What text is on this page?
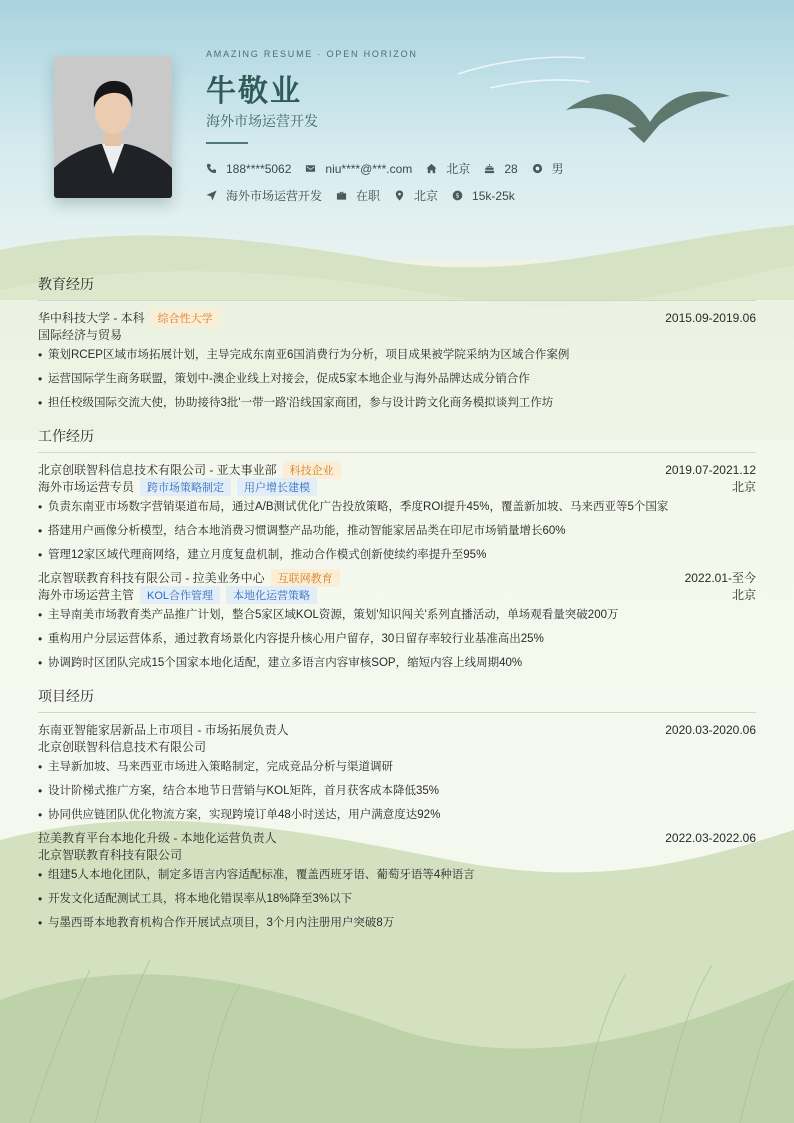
AMAZING RESUME · OPEN HORIZON
牛敬业
海外市场运营开发
188****5062	niu****@***.com	北京	28	男
海外市场运营开发	在职	北京 $ 15k-25k
教育经历
华中科技大学 - 本科 综合性大学	2015.09-2019.06
国际经济与贸易
• 策划RCEP区域市场拓展计划，主导完成东南亚6国消费行为分析，项目成果被学院采纳为区域合作案例
• 运营国际学生商务联盟，策划中-澳企业线上对接会，促成5家本地企业与海外品牌达成分销合作
• 担任校级国际交流大使，协助接待3批'一带一路'沿线国家商团，参与设计跨文化商务模拟谈判工作坊
工作经历
北京创联智科信息技术有限公司 - 亚太事业部 科技企业	2019.07-2021.12
海外市场运营专员 跨市场策略制定 用户增长建模	北京
• 负责东南亚市场数字营销渠道布局，通过A/B测试优化广告投放策略，季度ROI提升45%，覆盖新加坡、马来西亚等5个国家
• 搭建用户画像分析模型，结合本地消费习惯调整产品功能，推动智能家居品类在印尼市场销量增长60%
• 管理12家区域代理商网络，建立月度复盘机制，推动合作模式创新使续约率提升至95%
北京智联教育科技有限公司 - 拉美业务中心 互联网教育	2022.01-至今
海外市场运营主管 KOL合作管理 本地化运营策略	北京
• 主导南美市场教育类产品推广计划，整合5家区域KOL资源，策划'知识闯关'系列直播活动，单场观看量突破200万
• 重构用户分层运营体系，通过教育场景化内容提升核心用户留存，30日留存率较行业基准高出25%
• 协调跨时区团队完成15个国家本地化适配，建立多语言内容审核SOP，缩短内容上线周期40%
项目经历
东南亚智能家居新品上市项目 - 市场拓展负责人	2020.03-2020.06
北京创联智科信息技术有限公司
• 主导新加坡、马来西亚市场进入策略制定，完成竞品分析与渠道调研
• 设计阶梯式推广方案，结合本地节日营销与KOL矩阵，首月获客成本降低35%
• 协同供应链团队优化物流方案，实现跨境订单48小时送达，用户满意度达92%
拉美教育平台本地化升级 - 本地化运营负责人	2022.03-2022.06
北京智联教育科技有限公司
• 组建5人本地化团队，制定多语言内容适配标准，覆盖西班牙语、葡萄牙语等4种语言
• 开发文化适配测试工具，将本地化错误率从18%降至3%以下
• 与墨西哥本地教育机构合作开展试点项目，3个月内注册用户突破8万
